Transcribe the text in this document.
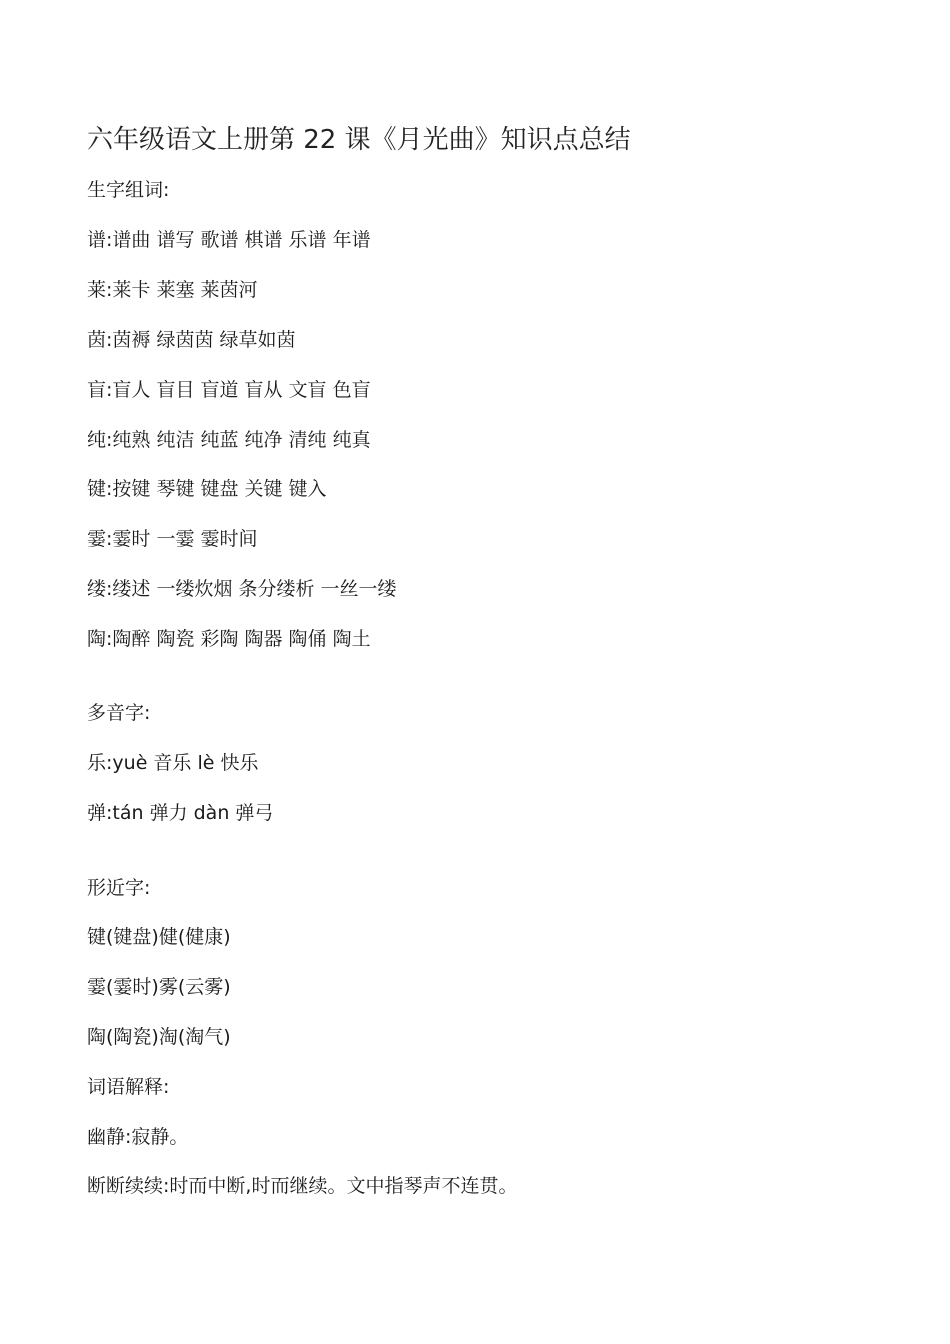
六年级语文上册第 22 课《月光曲》知识点总结
生字组词:
谱:谱曲 谱写 歌谱 棋谱 乐谱 年谱
莱:莱卡 莱塞 莱茵河
茵:茵褥 绿茵茵 绿草如茵
盲:盲人 盲目 盲道 盲从 文盲 色盲
纯:纯熟 纯洁 纯蓝 纯净 清纯 纯真
键:按键 琴键 键盘 关键 键入
霎:霎时 一霎 霎时间
缕:缕述 一缕炊烟 条分缕析 一丝一缕
陶:陶醉 陶瓷 彩陶 陶器 陶俑 陶土
多音字:
乐:yuè 音乐 lè 快乐
弹:tán 弹力 dàn 弹弓
形近字:
键(键盘)健(健康)
霎(霎时)雾(云雾)
陶(陶瓷)淘(淘气)
词语解释:
幽静:寂静。
断断续续:时而中断,时而继续。文中指琴声不连贯。
